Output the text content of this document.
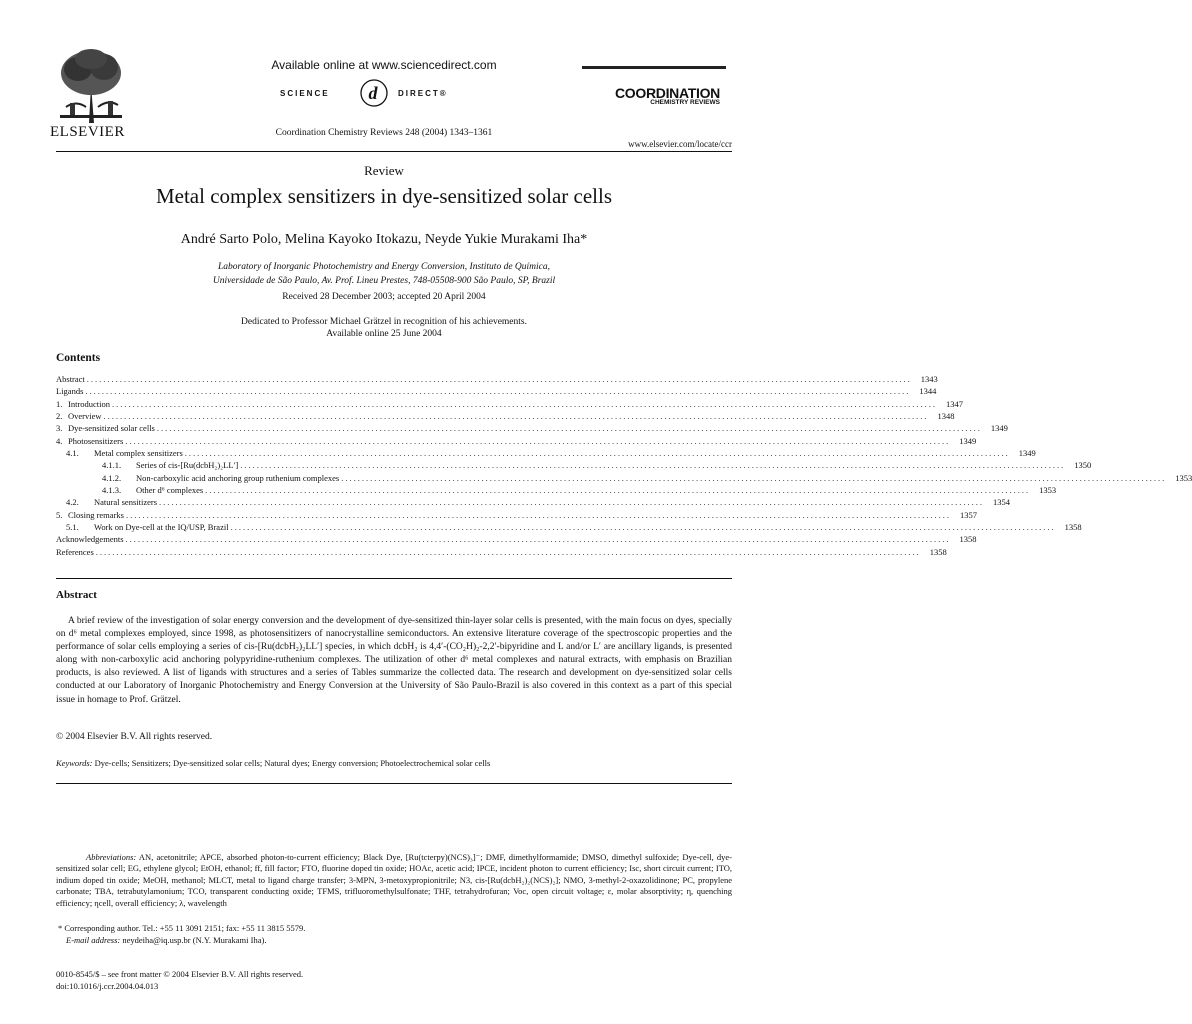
ELSEVIER
Available online at www.sciencedirect.com
SCIENCE d DIRECT®
Coordination Chemistry Reviews 248 (2004) 1343–1361
COORDINATION
CHEMISTRY REVIEWS
www.elsevier.com/locate/ccr
Review
Metal complex sensitizers in dye-sensitized solar cells
André Sarto Polo, Melina Kayoko Itokazu, Neyde Yukie Murakami Iha*
Laboratory of Inorganic Photochemistry and Energy Conversion, Instituto de Química,
Universidade de São Paulo, Av. Prof. Lineu Prestes, 748-05508-900 São Paulo, SP, Brazil
Received 28 December 2003; accepted 20 April 2004
Dedicated to Professor Michael Grätzel in recognition of his achievements.
Available online 25 June 2004
Contents
Abstract ........................................................................................................................................................................................................	1343
Ligands ........................................................................................................................................................................................................	1344
1. Introduction ........................................................................................................................................................................................................	1347
2. Overview ........................................................................................................................................................................................................	1348
3. Dye-sensitized solar cells ........................................................................................................................................................................................................	1349
4. Photosensitizers ........................................................................................................................................................................................................	1349
4.1.	Metal complex sensitizers ........................................................................................................................................................................................................	1349
4.1.1.	Series of cis-[Ru(dcbH₂)₂LL′] ........................................................................................................................................................................................................	1350
4.1.2.	Non-carboxylic acid anchoring group ruthenium complexes ........................................................................................................................................................................................................	1353
4.1.3.	Other d⁶ complexes ........................................................................................................................................................................................................	1353
4.2.	Natural sensitizers ........................................................................................................................................................................................................	1354
5. Closing remarks ........................................................................................................................................................................................................	1357
5.1.	Work on Dye-cell at the IQ/USP, Brazil ........................................................................................................................................................................................................	1358
Acknowledgements ........................................................................................................................................................................................................	1358
References ........................................................................................................................................................................................................	1358
Abstract

A brief review of the investigation of solar energy conversion and the development of dye-sensitized thin-layer solar cells is presented, with the main focus on dyes, specially on d⁶ metal complexes employed, since 1998, as photosensitizers of nanocrystalline semiconductors. An extensive literature coverage of the spectroscopic properties and the performance of solar cells employing a series of cis-[Ru(dcbH₂)₂LL′] species, in which dcbH₂ is 4,4′-(CO₂H)₂-2,2′-bipyridine and L and/or L′ are ancillary ligands, is presented along with non-carboxylic acid anchoring polypyridine-ruthenium complexes. The utilization of other d⁶ metal complexes and natural extracts, with emphasis on Brazilian products, is also reviewed. A list of ligands with structures and a series of Tables summarize the collected data. The research and development on dye-sensitized solar cells conducted at our Laboratory of Inorganic Photochemistry and Energy Conversion at the University of São Paulo-Brazil is also covered in this context as a part of this special issue in homage to Prof. Grätzel.

© 2004 Elsevier B.V. All rights reserved.
Keywords: Dye-cells; Sensitizers; Dye-sensitized solar cells; Natural dyes; Energy conversion; Photoelectrochemical solar cells
Abbreviations: AN, acetonitrile; APCE, absorbed photon-to-current efficiency; Black Dye, [Ru(tcterpy)(NCS)₃]⁻; DMF, dimethylformamide; DMSO, dimethyl sulfoxide; Dye-cell, dye-sensitized solar cell; EG, ethylene glycol; EtOH, ethanol; ff, fill factor; FTO, fluorine doped tin oxide; HOAc, acetic acid; IPCE, incident photon to current efficiency; Isc, short circuit current; ITO, indium doped tin oxide; MeOH, methanol; MLCT, metal to ligand charge transfer; 3-MPN, 3-metoxypropionitrile; N3, cis-[Ru(dcbH₂)₂(NCS)₂]; NMO, 3-methyl-2-oxazolidinone; PC, propylene carbonate; TBA, tetrabutylamonium; TCO, transparent conducting oxide; TFMS, trifluoromethylsulfonate; THF, tetrahydrofuran; Voc, open circuit voltage; ε, molar absorptivity; η, quenching efficiency; ηcell, overall efficiency; λ, wavelength
* Corresponding author. Tel.: +55 11 3091 2151; fax: +55 11 3815 5579.
E-mail address: neydeiha@iq.usp.br (N.Y. Murakami Iha).
0010-8545/$ – see front matter © 2004 Elsevier B.V. All rights reserved.
doi:10.1016/j.ccr.2004.04.013
